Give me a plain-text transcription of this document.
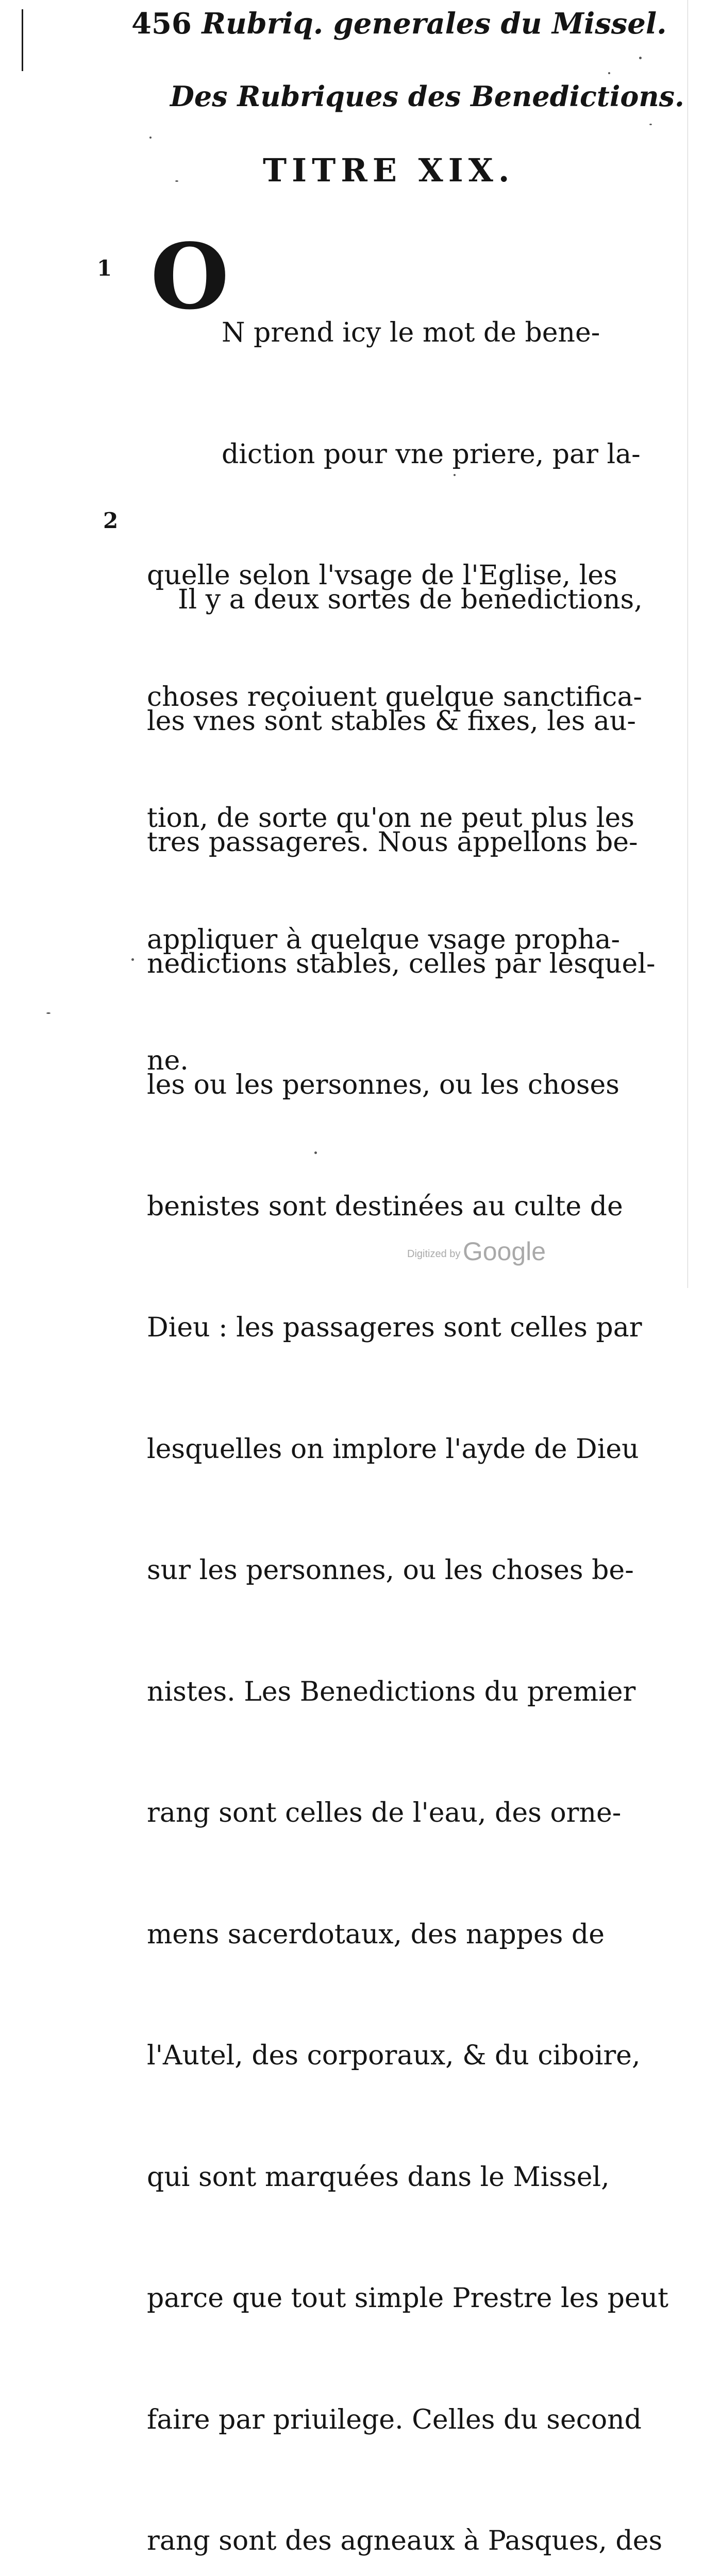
456 Rubriq. generales du Missel.
Des Rubriques des Benedictions.
TITRE XIX.
1
2
O

N prend icy le mot de bene-

diction pour vne priere, par la-

quelle selon l'vsage de l'Eglise, les

choses reçoiuent quelque sanctifica-

tion, de sorte qu'on ne peut plus les

appliquer à quelque vsage propha-

ne.

Il y a deux sortes de benedictions,

les vnes sont stables & fixes, les au-

tres passageres. Nous appellons be-

nedictions stables, celles par lesquel-

les ou les personnes, ou les choses

benistes sont destinées au culte de

Dieu : les passageres sont celles par

lesquelles on implore l'ayde de Dieu

sur les personnes, ou les choses be-

nistes. Les Benedictions du premier

rang sont celles de l'eau, des orne-

mens sacerdotaux, des nappes de

l'Autel, des corporaux, & du ciboire,

qui sont marquées dans le Missel,

parce que tout simple Prestre les peut

faire par priuilege. Celles du second

rang sont des agneaux à Pasques, des

Digitized by Google
